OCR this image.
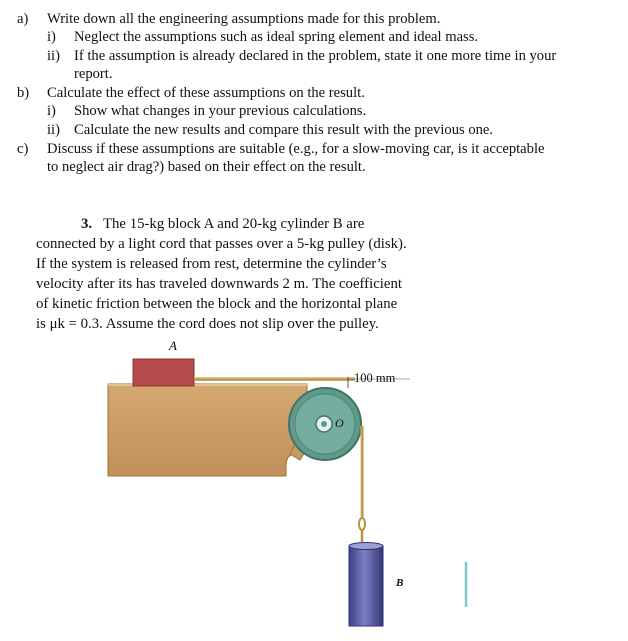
a) Write down all the engineering assumptions made for this problem.
i) Neglect the assumptions such as ideal spring element and ideal mass.
ii) If the assumption is already declared in the problem, state it one more time in your
report.
b) Calculate the effect of these assumptions on the result.
i) Show what changes in your previous calculations.
ii) Calculate the new results and compare this result with the previous one.
c) Discuss if these assumptions are suitable (e.g., for a slow-moving car, is it acceptable
to neglect air drag?) based on their effect on the result.
3. The 15-kg block A and 20-kg cylinder B are
connected by a light cord that passes over a 5-kg pulley (disk).
If the system is released from rest, determine the cylinder’s
velocity after its has traveled downwards 2 m. The coefficient
of kinetic friction between the block and the horizontal plane
is μk = 0.3. Assume the cord does not slip over the pulley.
A
100 mm
O
B
